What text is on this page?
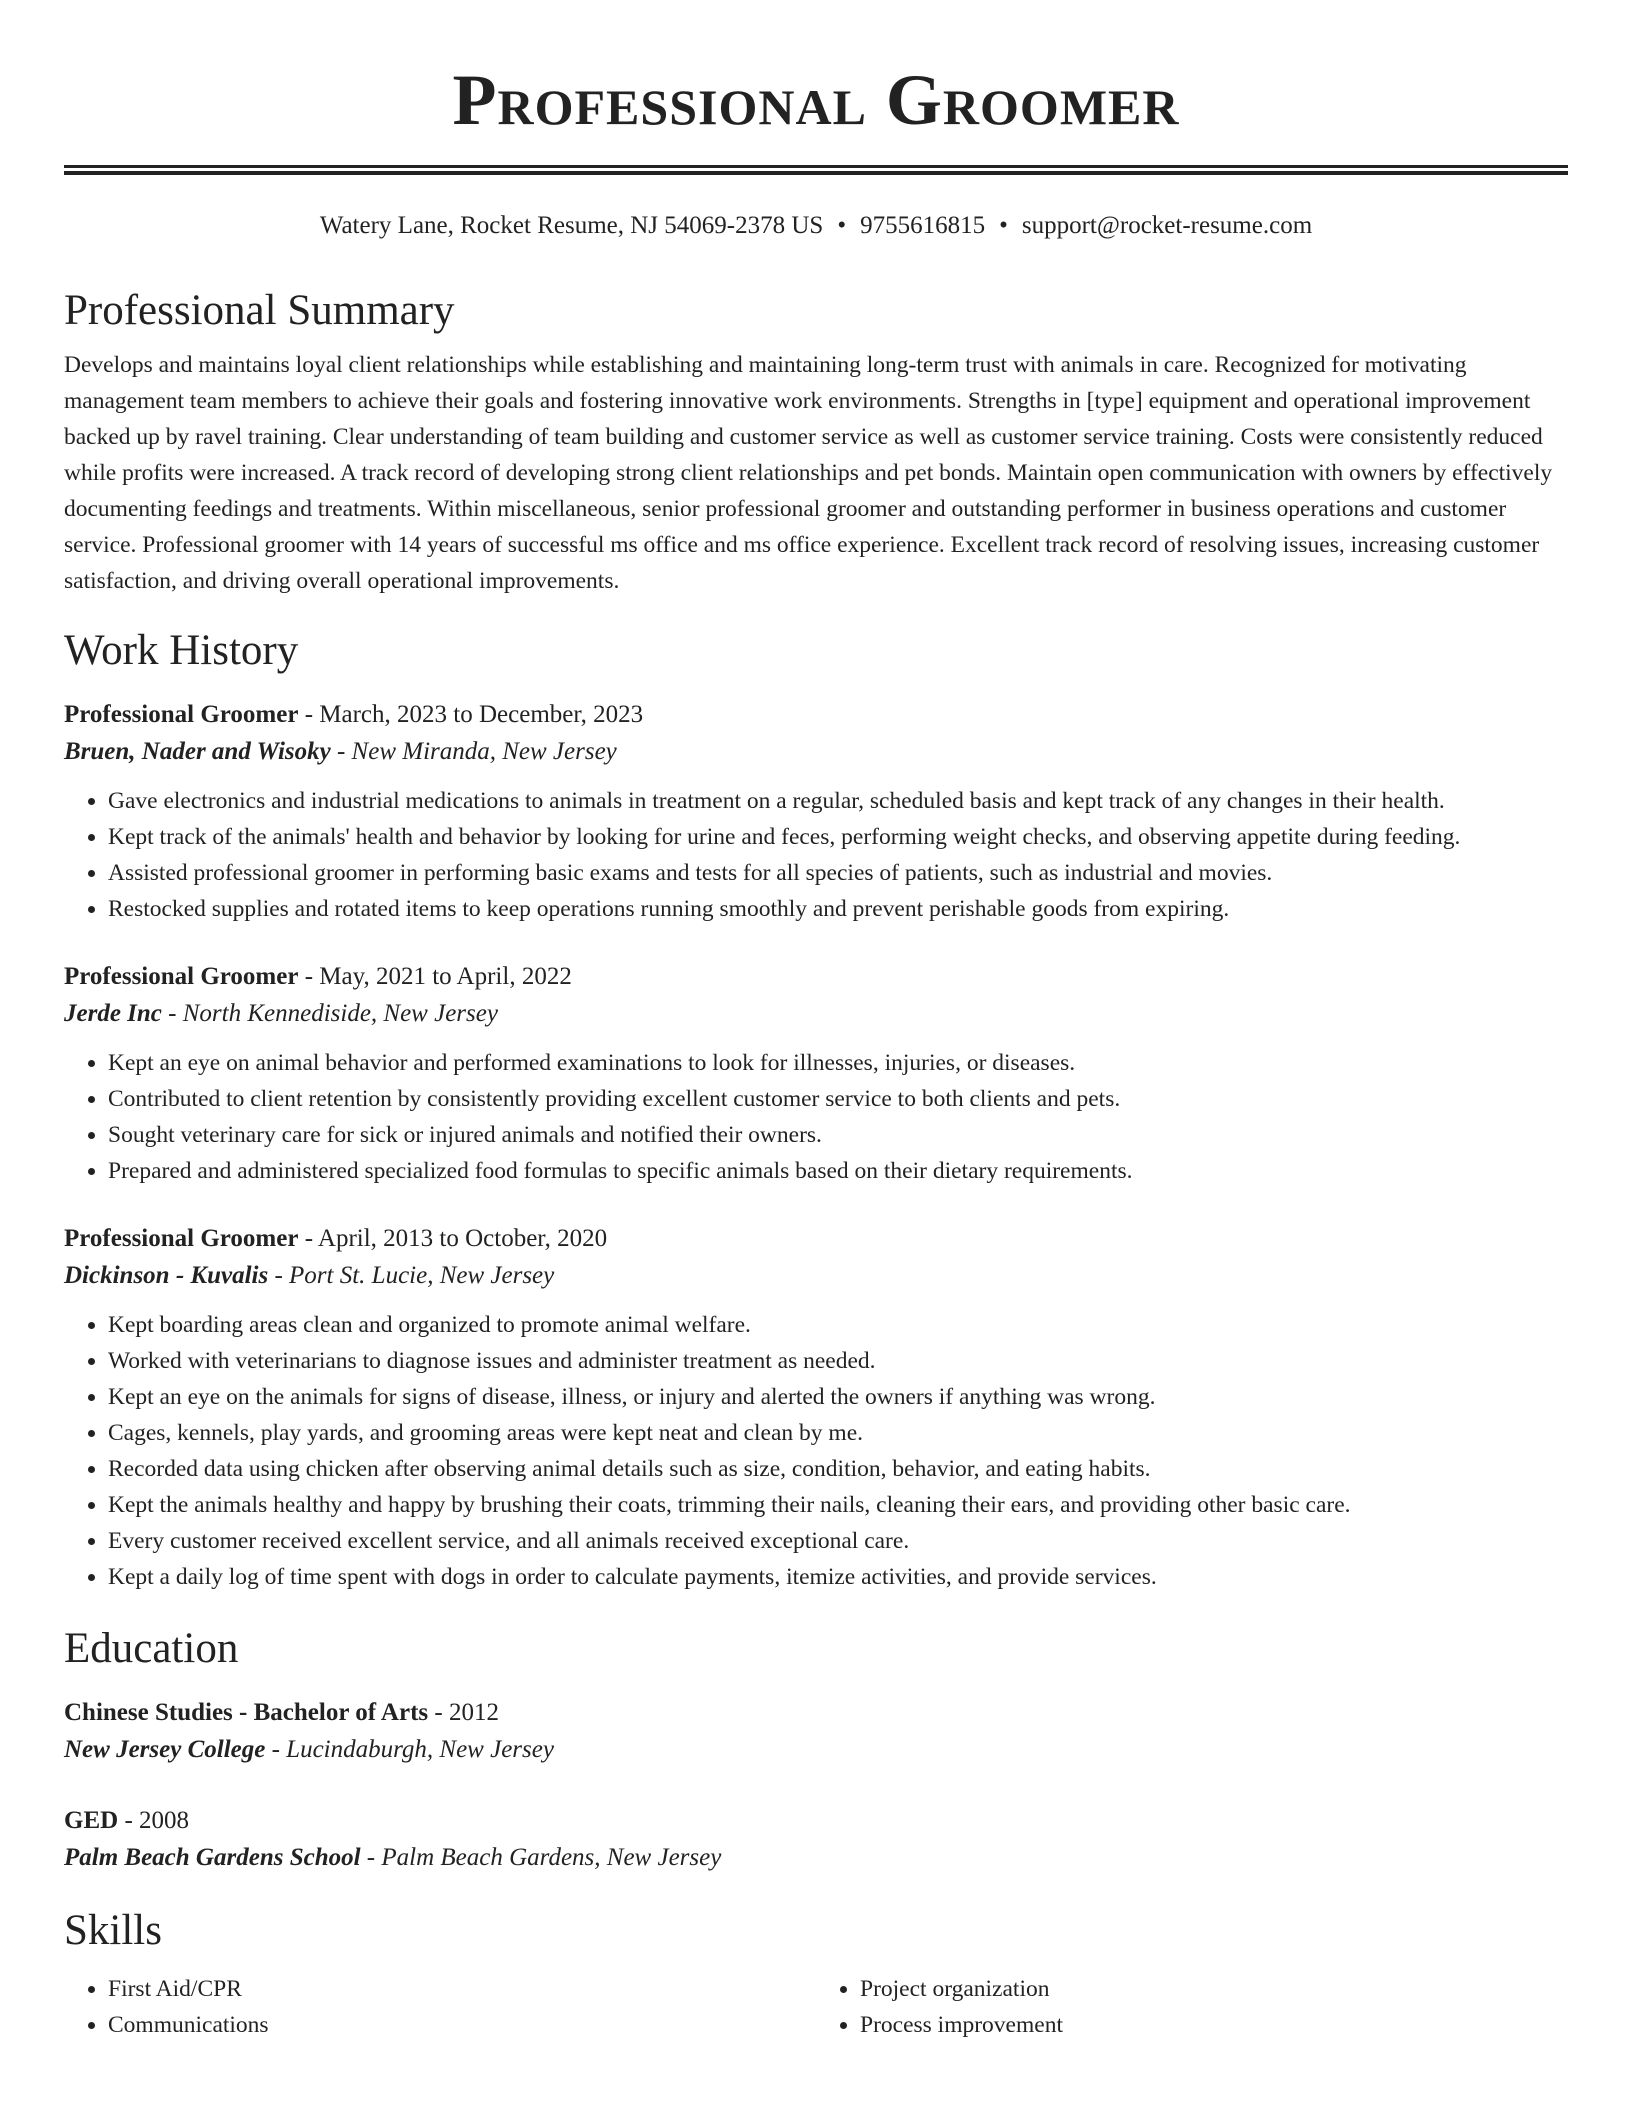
Professional Groomer
Watery Lane, Rocket Resume, NJ 54069-2378 US • 9755616815 • support@rocket-resume.com
Professional Summary

Develops and maintains loyal client relationships while establishing and maintaining long-term trust with animals in care. Recognized for motivating management team members to achieve their goals and fostering innovative work environments. Strengths in [type] equipment and operational improvement backed up by ravel training. Clear understanding of team building and customer service as well as customer service training. Costs were consistently reduced while profits were increased. A track record of developing strong client relationships and pet bonds. Maintain open communication with owners by effectively documenting feedings and treatments. Within miscellaneous, senior professional groomer and outstanding performer in business operations and customer service. Professional groomer with 14 years of successful ms office and ms office experience. Excellent track record of resolving issues, increasing customer satisfaction, and driving overall operational improvements.

Work History

Professional Groomer - March, 2023 to December, 2023

Bruen, Nader and Wisoky - New Miranda, New Jersey

• Gave electronics and industrial medications to animals in treatment on a regular, scheduled basis and kept track of any changes in their health.
• Kept track of the animals' health and behavior by looking for urine and feces, performing weight checks, and observing appetite during feeding.
• Assisted professional groomer in performing basic exams and tests for all species of patients, such as industrial and movies.
• Restocked supplies and rotated items to keep operations running smoothly and prevent perishable goods from expiring.

Professional Groomer - May, 2021 to April, 2022

Jerde Inc - North Kennediside, New Jersey

• Kept an eye on animal behavior and performed examinations to look for illnesses, injuries, or diseases.
• Contributed to client retention by consistently providing excellent customer service to both clients and pets.
• Sought veterinary care for sick or injured animals and notified their owners.
• Prepared and administered specialized food formulas to specific animals based on their dietary requirements.

Professional Groomer - April, 2013 to October, 2020

Dickinson - Kuvalis - Port St. Lucie, New Jersey

• Kept boarding areas clean and organized to promote animal welfare.
• Worked with veterinarians to diagnose issues and administer treatment as needed.
• Kept an eye on the animals for signs of disease, illness, or injury and alerted the owners if anything was wrong.
• Cages, kennels, play yards, and grooming areas were kept neat and clean by me.
• Recorded data using chicken after observing animal details such as size, condition, behavior, and eating habits.
• Kept the animals healthy and happy by brushing their coats, trimming their nails, cleaning their ears, and providing other basic care.
• Every customer received excellent service, and all animals received exceptional care.
• Kept a daily log of time spent with dogs in order to calculate payments, itemize activities, and provide services.
Education

Chinese Studies - Bachelor of Arts - 2012

New Jersey College - Lucindaburgh, New Jersey

GED - 2008

Palm Beach Gardens School - Palm Beach Gardens, New Jersey

Skills
• First Aid/CPR
• Communications
• Project organization
• Process improvement
